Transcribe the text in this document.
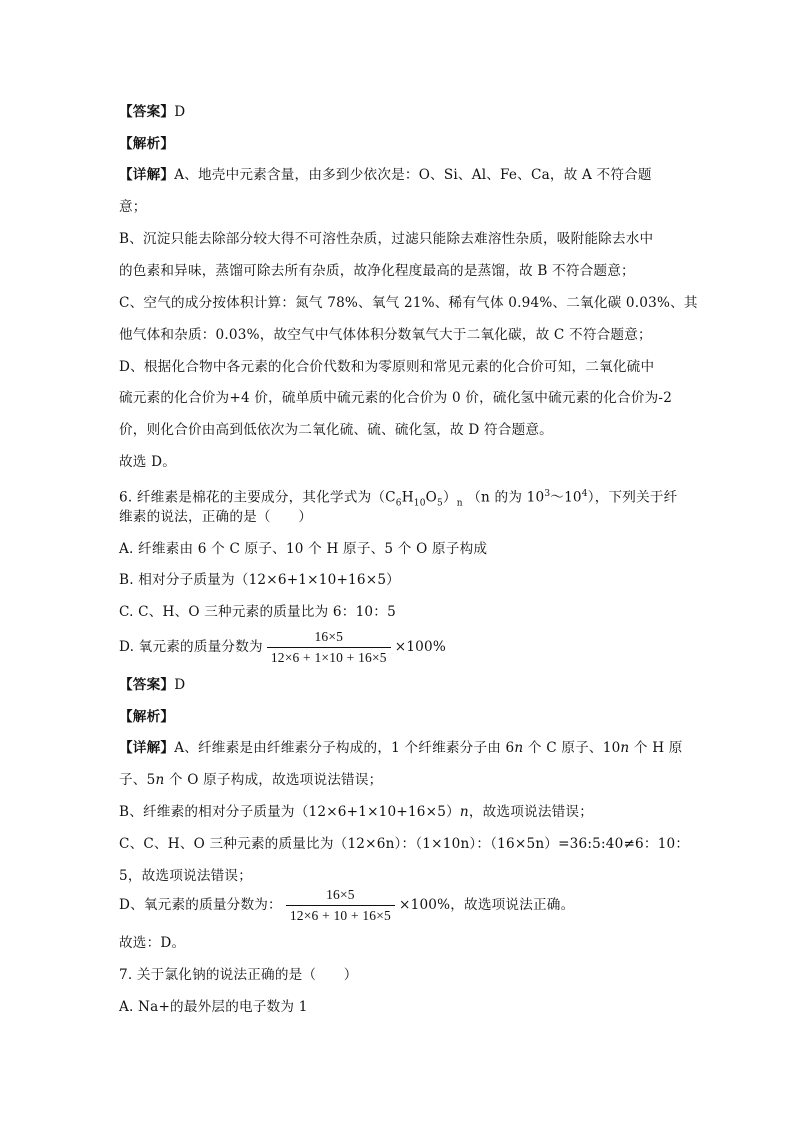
【答案】D
【解析】
【详解】A、地壳中元素含量，由多到少依次是：O、Si、Al、Fe、Ca，故 A 不符合题
意；
B、沉淀只能去除部分较大得不可溶性杂质，过滤只能除去难溶性杂质，吸附能除去水中
的色素和异味，蒸馏可除去所有杂质，故净化程度最高的是蒸馏，故 B 不符合题意；
C、空气的成分按体积计算：氮气 78%、氧气 21%、稀有气体 0.94%、二氧化碳 0.03%、其
他气体和杂质：0.03%，故空气中气体体积分数氧气大于二氧化碳，故 C 不符合题意；
D、根据化合物中各元素的化合价代数和为零原则和常见元素的化合价可知，二氧化硫中
硫元素的化合价为+4 价，硫单质中硫元素的化合价为 0 价，硫化氢中硫元素的化合价为-2
价，则化合价由高到低依次为二氧化硫、硫、硫化氢，故 D 符合题意。
故选 D。
6. 纤维素是棉花的主要成分，其化学式为$(C_6H_{10}O_5)_n$ （n 的为 $10^3\sim 10^4$），下列关于纤
维素的说法，正确的是（　　）
A. 纤维素由 6 个 C 原子、10 个 H 原子、5 个 O 原子构成
B. 相对分子质量为（12×6+1×10+16×5）
C. C、H、O 三种元素的质量比为 6：10：5
D. 氧元素的质量分数为 $\frac{16\times 5}{12\times 6 + 1\times 10 + 16\times 5} \times 100\%$
【答案】D
【解析】
【详解】A、纤维素是由纤维素分子构成的，1 个纤维素分子由 6n 个 C 原子、10n 个 H 原
子、5n 个 O 原子构成，故选项说法错误；
B、纤维素的相对分子质量为（12×6+1×10+16×5）n，故选项说法错误；
C、C、H、O 三种元素的质量比为（12×6n）：（1×10n）：（16×5n）=36:5:40≠6：10：
5，故选项说法错误；
D、氧元素的质量分数为： $\frac{16\times 5}{12\times 6 + 10 + 16\times 5} \times 100\%$，故选项说法正确。
故选：D。
7. 关于氯化钠的说法正确的是（　　）
A. Na+的最外层的电子数为 1
